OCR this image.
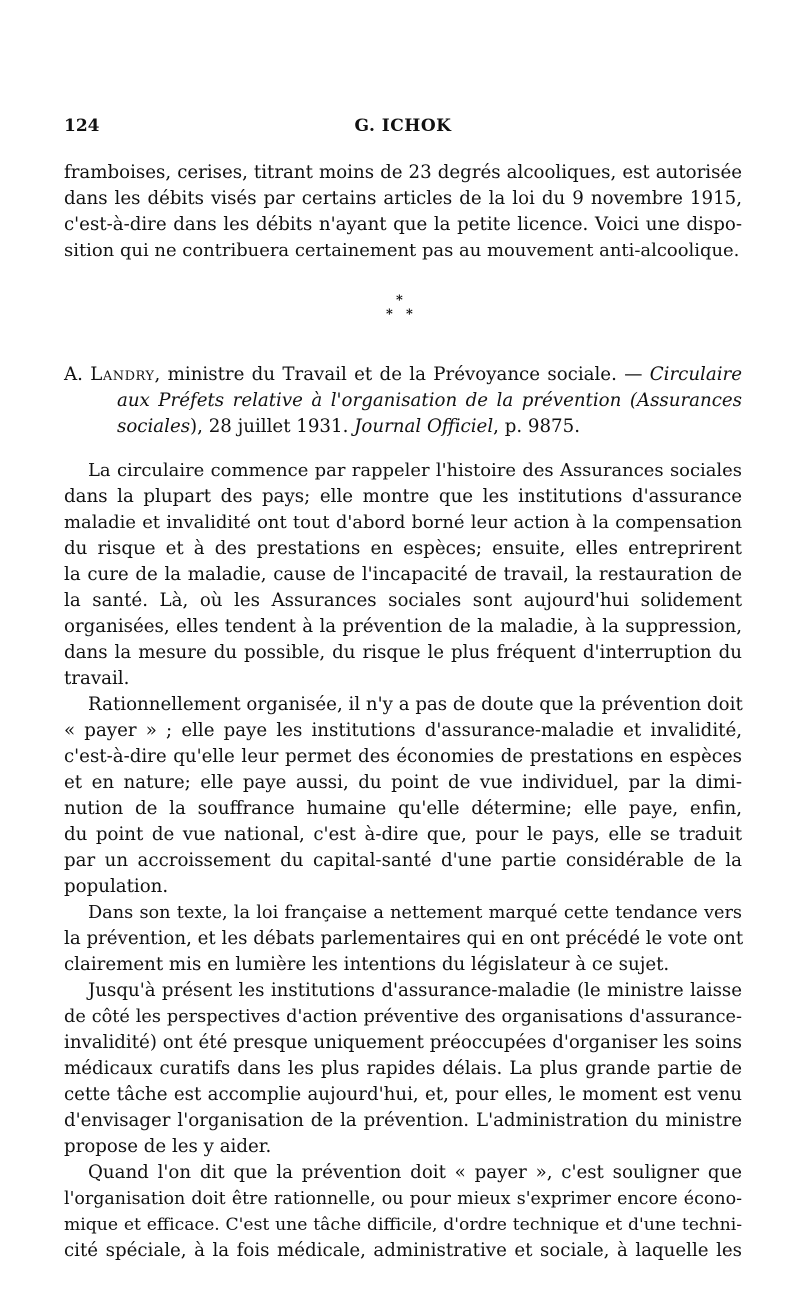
124	G. ICHOK
framboises, cerises, titrant moins de 23 degrés alcooliques, est autorisée
dans les débits visés par certains articles de la loi du 9 novembre 1915,
c'est-à-dire dans les débits n'ayant que la petite licence. Voici une dispo-
sition qui ne contribuera certainement pas au mouvement anti-alcoolique.
*
* *
A. Landry, ministre du Travail et de la Prévoyance sociale. — Circulaire
aux Préfets relative à l'organisation de la prévention (Assurances
sociales), 28 juillet 1931. Journal Officiel, p. 9875.
La circulaire commence par rappeler l'histoire des Assurances sociales
dans la plupart des pays; elle montre que les institutions d'assurance
maladie et invalidité ont tout d'abord borné leur action à la compensation
du risque et à des prestations en espèces; ensuite, elles entreprirent
la cure de la maladie, cause de l'incapacité de travail, la restauration de
la santé. Là, où les Assurances sociales sont aujourd'hui solidement
organisées, elles tendent à la prévention de la maladie, à la suppression,
dans la mesure du possible, du risque le plus fréquent d'interruption du
travail.
Rationnellement organisée, il n'y a pas de doute que la prévention doit
« payer » ; elle paye les institutions d'assurance-maladie et invalidité,
c'est-à-dire qu'elle leur permet des économies de prestations en espèces
et en nature; elle paye aussi, du point de vue individuel, par la dimi-
nution de la souffrance humaine qu'elle détermine; elle paye, enfin,
du point de vue national, c'est à-dire que, pour le pays, elle se traduit
par un accroissement du capital-santé d'une partie considérable de la
population.
Dans son texte, la loi française a nettement marqué cette tendance vers
la prévention, et les débats parlementaires qui en ont précédé le vote ont
clairement mis en lumière les intentions du législateur à ce sujet.
Jusqu'à présent les institutions d'assurance-maladie (le ministre laisse
de côté les perspectives d'action préventive des organisations d'assurance-
invalidité) ont été presque uniquement préoccupées d'organiser les soins
médicaux curatifs dans les plus rapides délais. La plus grande partie de
cette tâche est accomplie aujourd'hui, et, pour elles, le moment est venu
d'envisager l'organisation de la prévention. L'administration du ministre
propose de les y aider.
Quand l'on dit que la prévention doit « payer », c'est souligner que
l'organisation doit être rationnelle, ou pour mieux s'exprimer encore écono-
mique et efficace. C'est une tâche difficile, d'ordre technique et d'une techni-
cité spéciale, à la fois médicale, administrative et sociale, à laquelle les
